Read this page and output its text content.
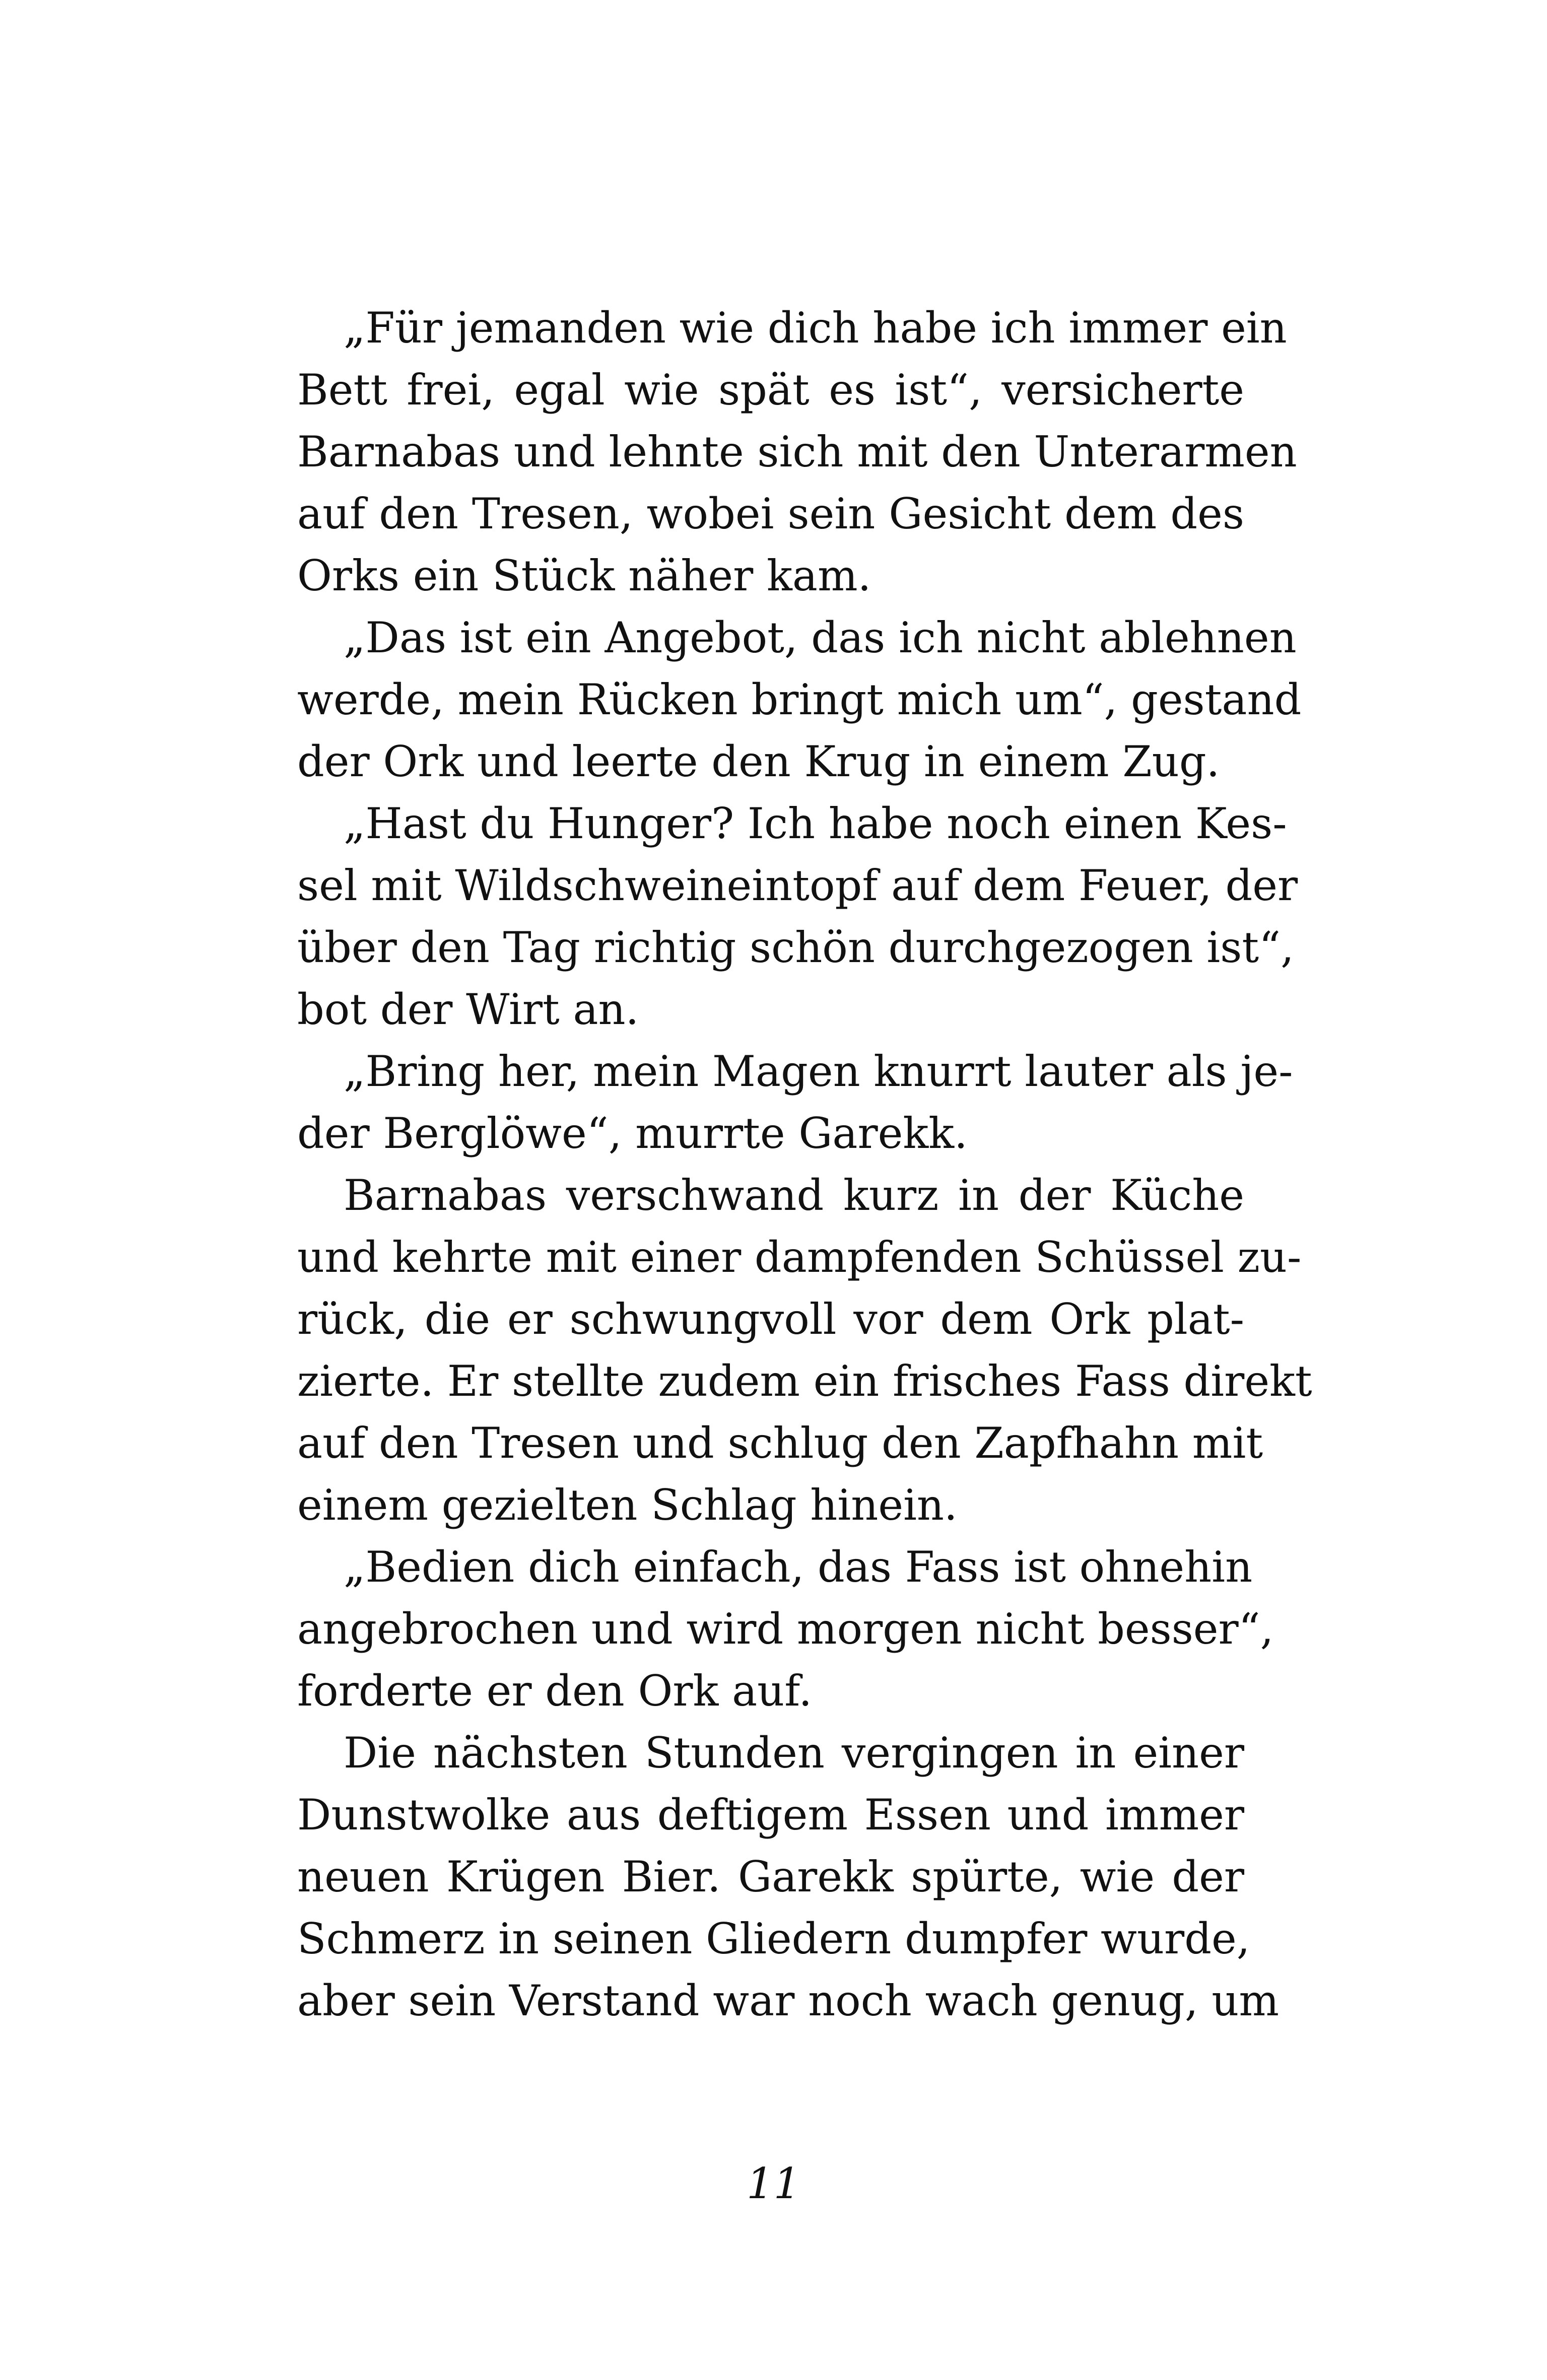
„Für jemanden wie dich habe ich immer ein
Bett frei, egal wie spät es ist“, versicherte
Barnabas und lehnte sich mit den Unterarmen
auf den Tresen, wobei sein Gesicht dem des
Orks ein Stück näher kam.
„Das ist ein Angebot, das ich nicht ablehnen
werde, mein Rücken bringt mich um“, gestand
der Ork und leerte den Krug in einem Zug.
„Hast du Hunger? Ich habe noch einen Kes-
sel mit Wildschweineintopf auf dem Feuer, der
über den Tag richtig schön durchgezogen ist“,
bot der Wirt an.
„Bring her, mein Magen knurrt lauter als je-
der Berglöwe“, murrte Garekk.
Barnabas verschwand kurz in der Küche
und kehrte mit einer dampfenden Schüssel zu-
rück, die er schwungvoll vor dem Ork plat-
zierte. Er stellte zudem ein frisches Fass direkt
auf den Tresen und schlug den Zapfhahn mit
einem gezielten Schlag hinein.
„Bedien dich einfach, das Fass ist ohnehin
angebrochen und wird morgen nicht besser“,
forderte er den Ork auf.
Die nächsten Stunden vergingen in einer
Dunstwolke aus deftigem Essen und immer
neuen Krügen Bier. Garekk spürte, wie der
Schmerz in seinen Gliedern dumpfer wurde,
aber sein Verstand war noch wach genug, um
11
